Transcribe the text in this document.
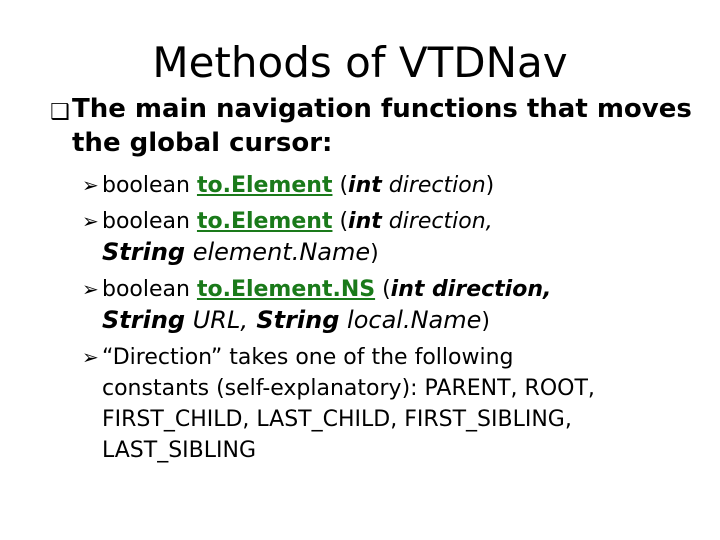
Methods of VTDNav
❑ The main navigation functions that moves the global cursor:
➢ boolean to.Element (int direction)
➢ boolean to.Element (int direction,
String element.Name)
➢ boolean to.Element.NS (int direction,
String URL, String local.Name)
➢ “Direction” takes one of the following
constants (self-explanatory): PARENT, ROOT,
FIRST_CHILD, LAST_CHILD, FIRST_SIBLING,
LAST_SIBLING
